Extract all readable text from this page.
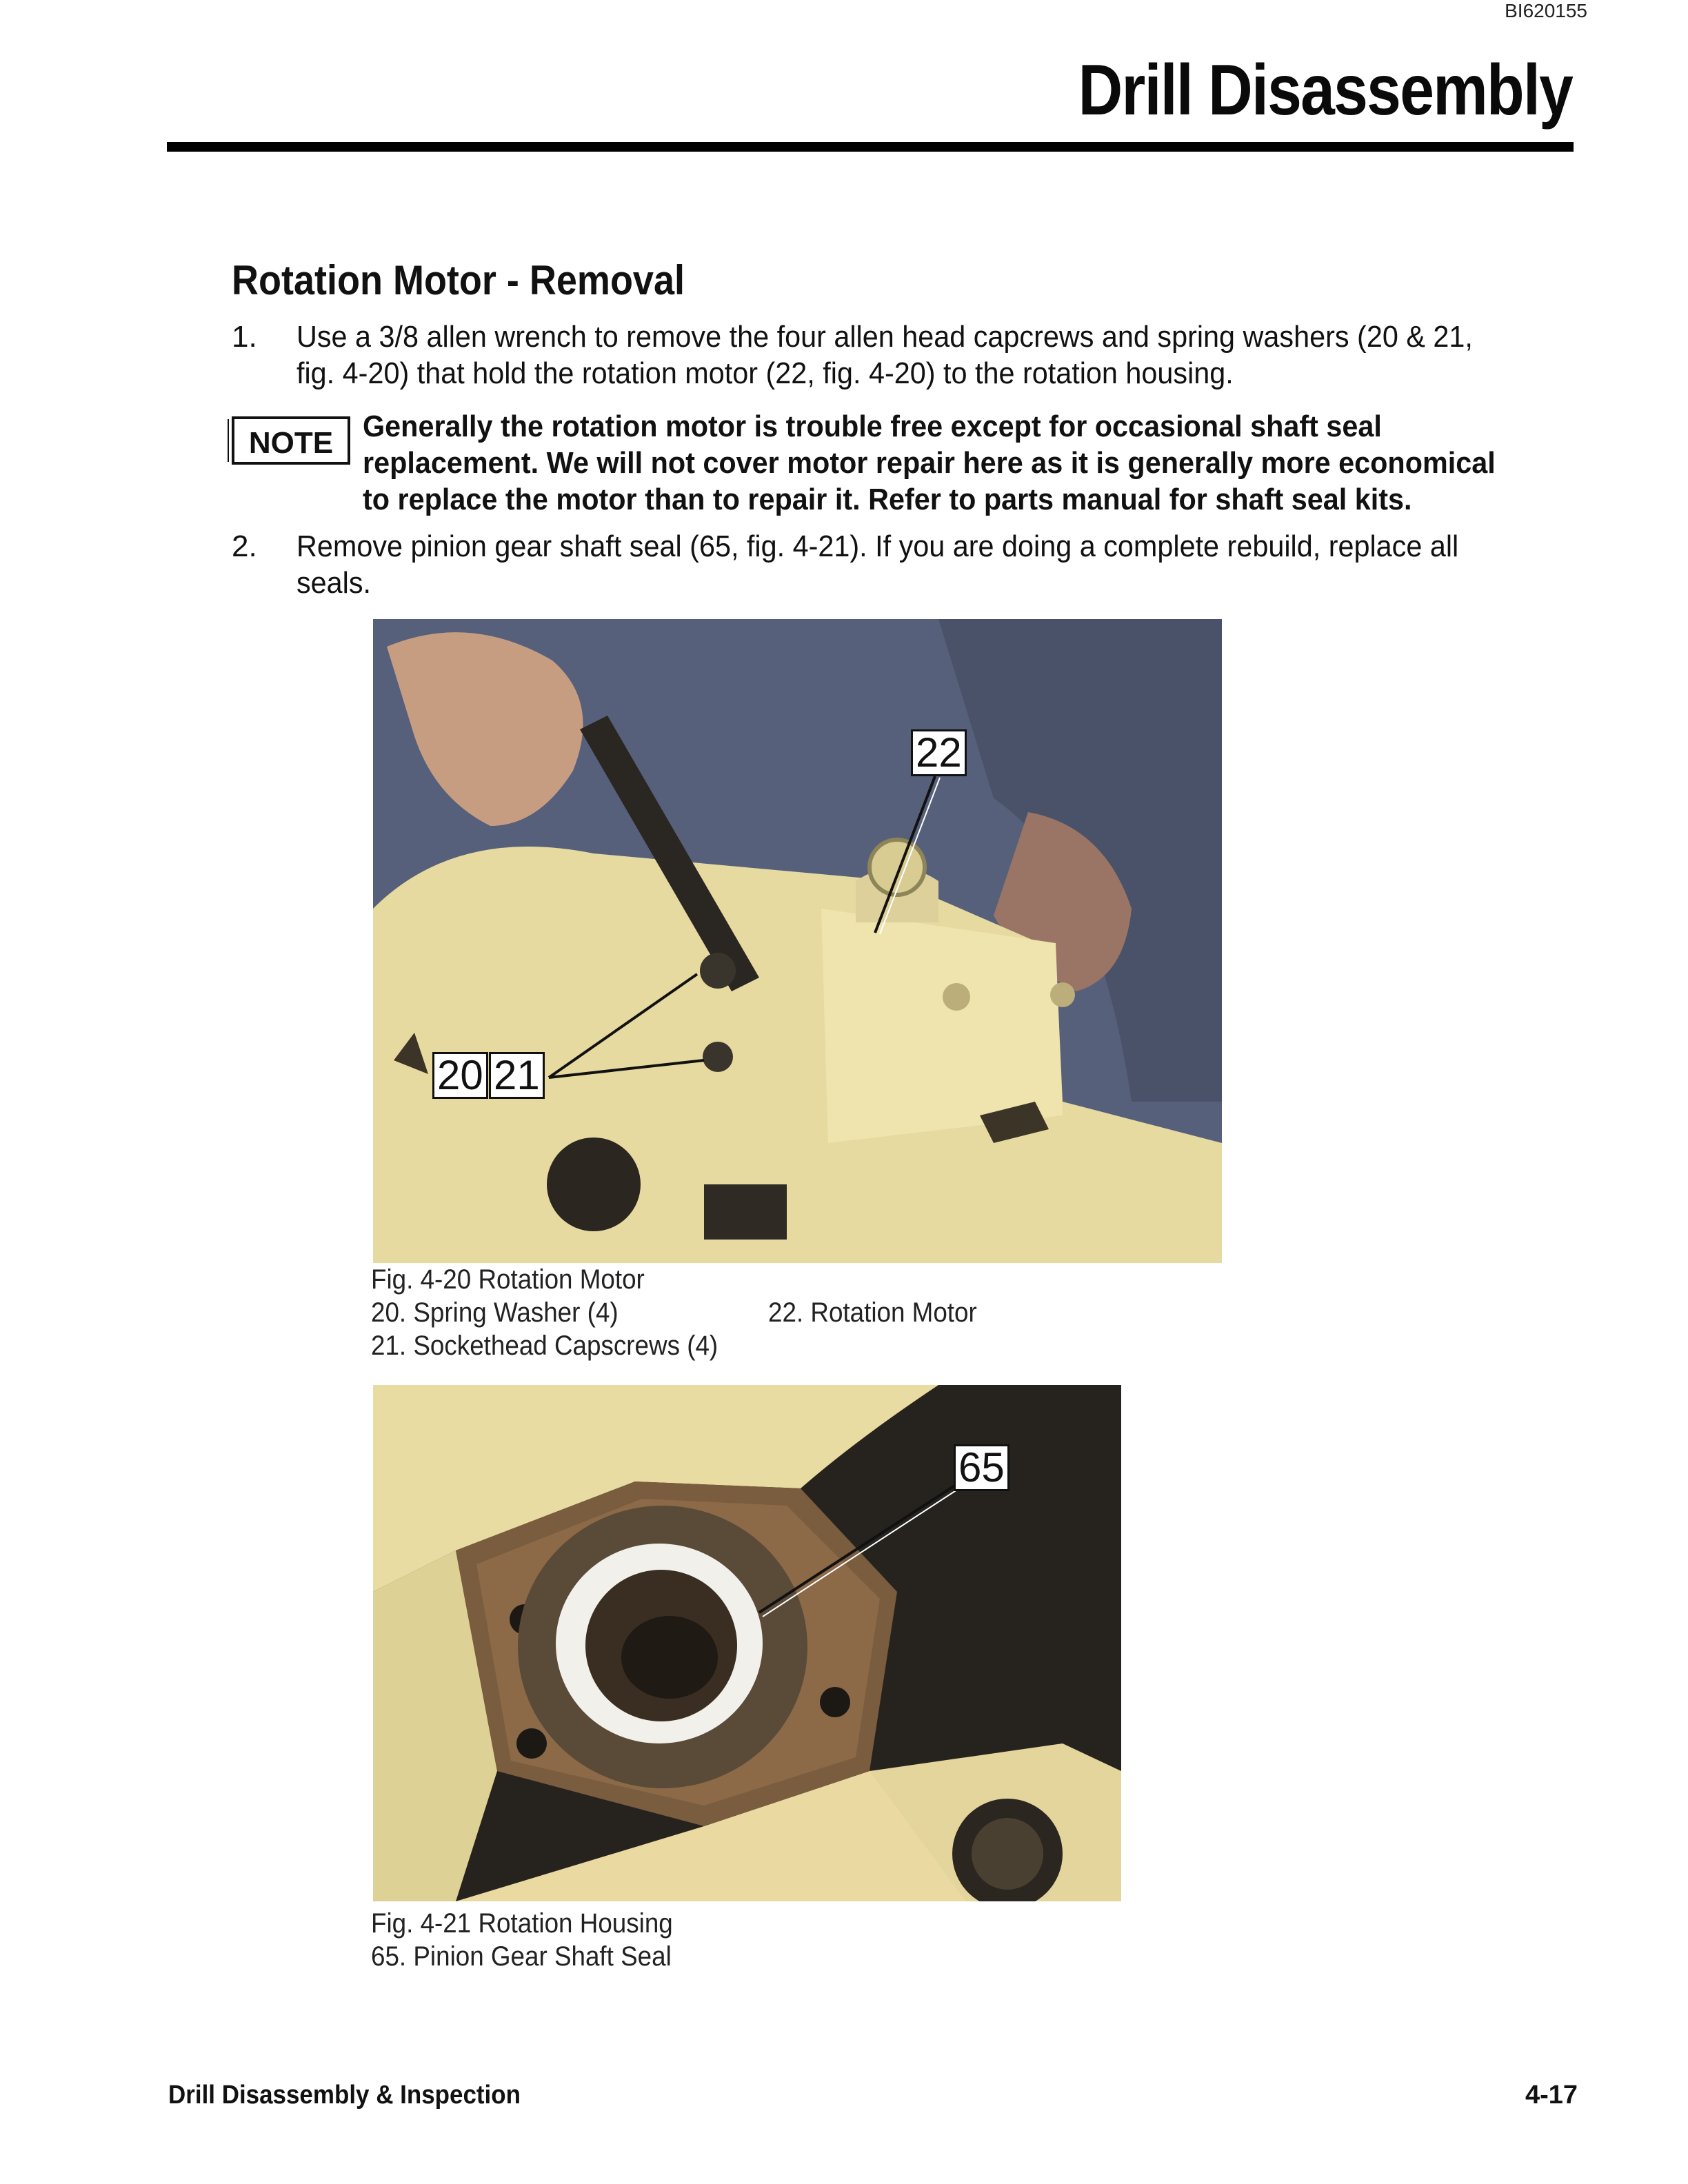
BI620155
Drill Disassembly
Rotation Motor - Removal
1.	Use a 3/8 allen wrench to remove the four allen head capcrews and spring washers (20 & 21, fig. 4-20) that hold the rotation motor (22, fig. 4-20) to the rotation housing.
NOTE Generally the rotation motor is trouble free except for occasional shaft seal replacement. We will not cover motor repair here as it is generally more economical to replace the motor than to repair it. Refer to parts manual for shaft seal kits.
2.	Remove pinion gear shaft seal (65, fig. 4-21). If you are doing a complete rebuild, replace all seals.
22
20 21
Fig. 4-20 Rotation Motor
20. Spring Washer (4)
21. Sockethead Capscrews (4)
22. Rotation Motor
65
Fig. 4-21 Rotation Housing
65. Pinion Gear Shaft Seal
Drill Disassembly & Inspection	4-17
